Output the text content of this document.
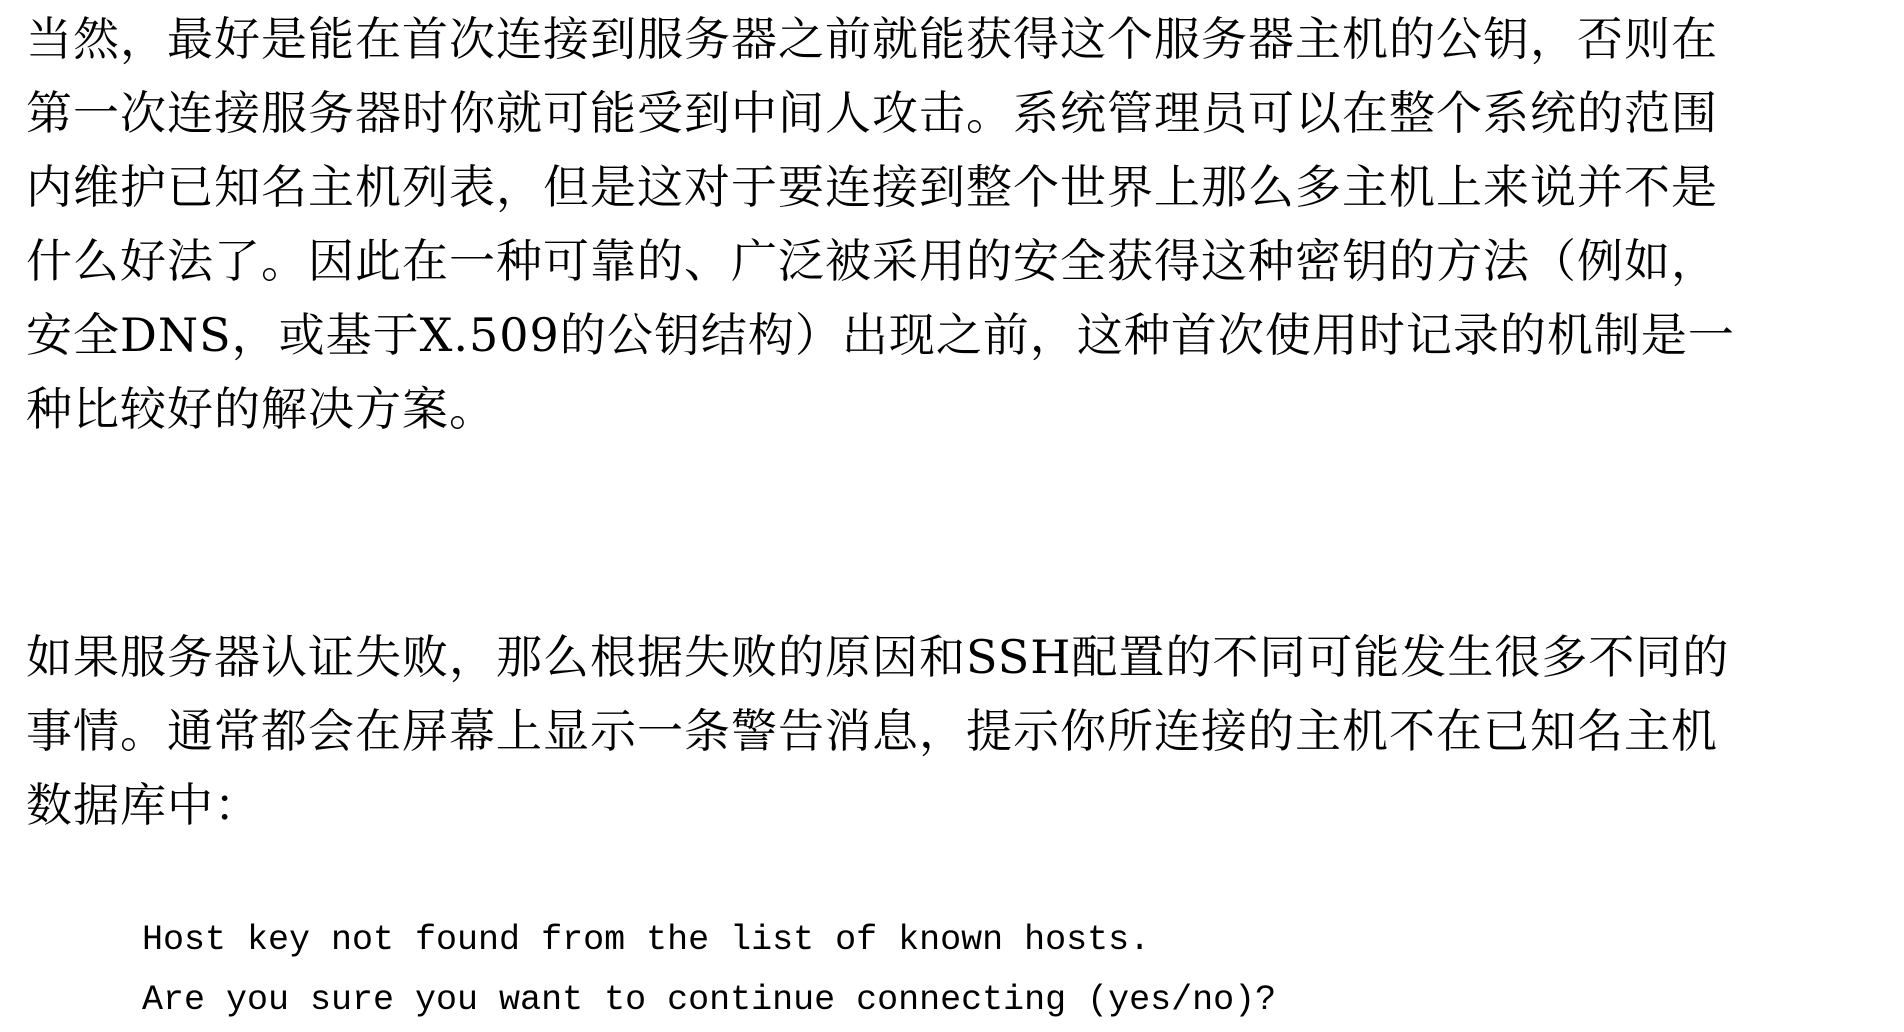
当然，最好是能在首次连接到服务器之前就能获得这个服务器主机的公钥，否则在
第一次连接服务器时你就可能受到中间人攻击。系统管理员可以在整个系统的范围
内维护已知名主机列表，但是这对于要连接到整个世界上那么多主机上来说并不是
什么好法了。因此在一种可靠的、广泛被采用的安全获得这种密钥的方法（例如，
安全DNS，或基于X.509的公钥结构）出现之前，这种首次使用时记录的机制是一
种比较好的解决方案。
如果服务器认证失败，那么根据失败的原因和SSH配置的不同可能发生很多不同的
事情。通常都会在屏幕上显示一条警告消息，提示你所连接的主机不在已知名主机
数据库中：
Host key not found from the list of known hosts.
Are you sure you want to continue connecting (yes/no)?
